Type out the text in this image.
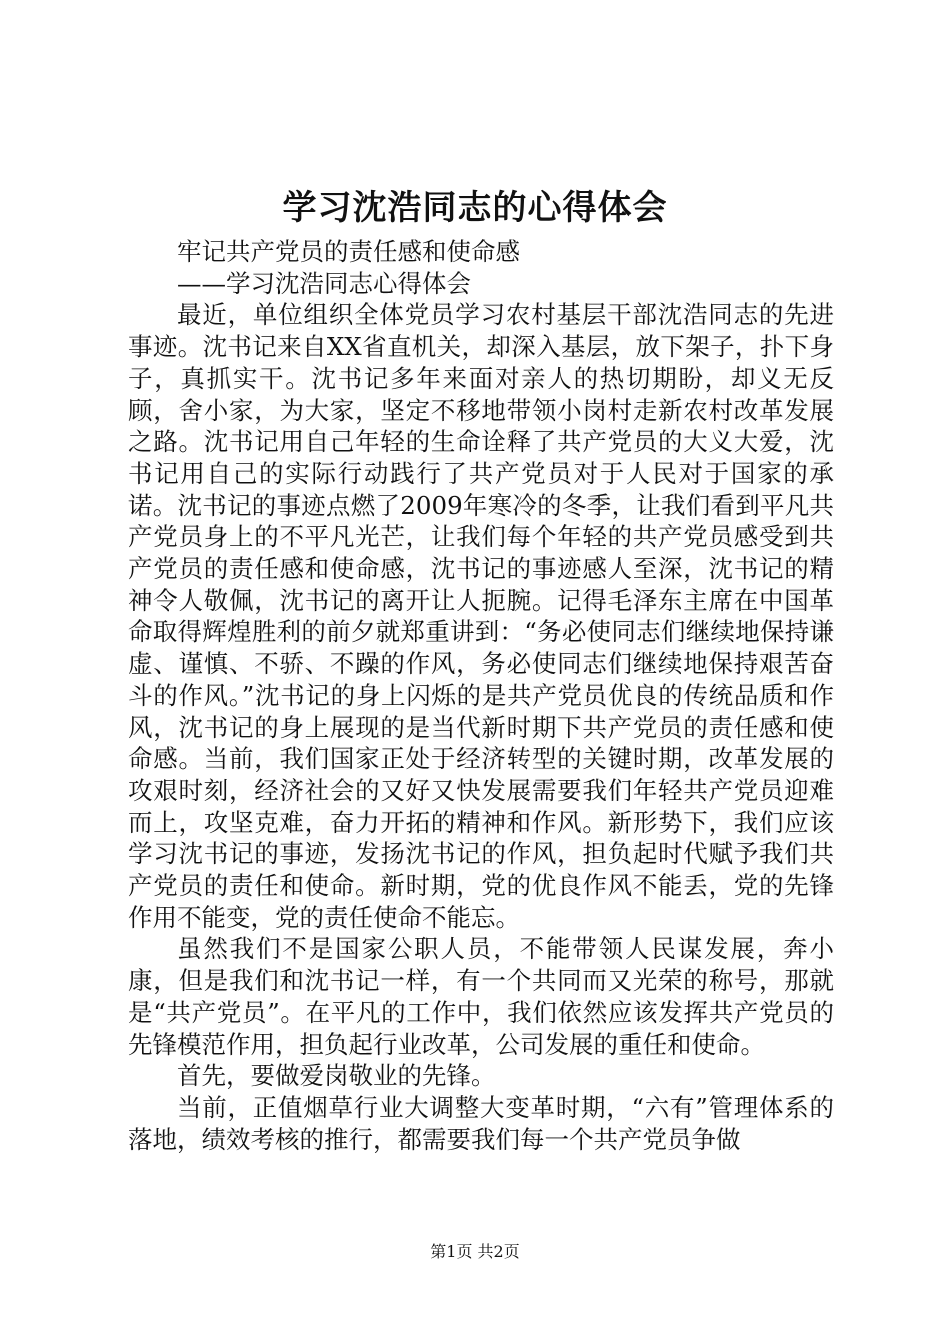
学习沈浩同志的心得体会

牢记共产党员的责任感和使命感

——学习沈浩同志心得体会

最近，单位组织全体党员学习农村基层干部沈浩同志的先进事迹。沈书记来自XX省直机关，却深入基层，放下架子，扑下身子，真抓实干。沈书记多年来面对亲人的热切期盼，却义无反顾，舍小家，为大家，坚定不移地带领小岗村走新农村改革发展之路。沈书记用自己年轻的生命诠释了共产党员的大义大爱，沈书记用自己的实际行动践行了共产党员对于人民对于国家的承诺。沈书记的事迹点燃了2009年寒冷的冬季，让我们看到平凡共产党员身上的不平凡光芒，让我们每个年轻的共产党员感受到共产党员的责任感和使命感，沈书记的事迹感人至深，沈书记的精神令人敬佩，沈书记的离开让人扼腕。记得毛泽东主席在中国革命取得辉煌胜利的前夕就郑重讲到：“务必使同志们继续地保持谦虚、谨慎、不骄、不躁的作风，务必使同志们继续地保持艰苦奋斗的作风。”沈书记的身上闪烁的是共产党员优良的传统品质和作风，沈书记的身上展现的是当代新时期下共产党员的责任感和使命感。当前，我们国家正处于经济转型的关键时期，改革发展的攻艰时刻，经济社会的又好又快发展需要我们年轻共产党员迎难而上，攻坚克难，奋力开拓的精神和作风。新形势下，我们应该学习沈书记的事迹，发扬沈书记的作风，担负起时代赋予我们共产党员的责任和使命。新时期，党的优良作风不能丢，党的先锋作用不能变，党的责任使命不能忘。

虽然我们不是国家公职人员，不能带领人民谋发展，奔小康，但是我们和沈书记一样，有一个共同而又光荣的称号，那就是“共产党员”。在平凡的工作中，我们依然应该发挥共产党员的先锋模范作用，担负起行业改革，公司发展的重任和使命。

首先，要做爱岗敬业的先锋。

当前，正值烟草行业大调整大变革时期，“六有”管理体系的落地，绩效考核的推行，都需要我们每一个共产党员争做

第1页 共2页
